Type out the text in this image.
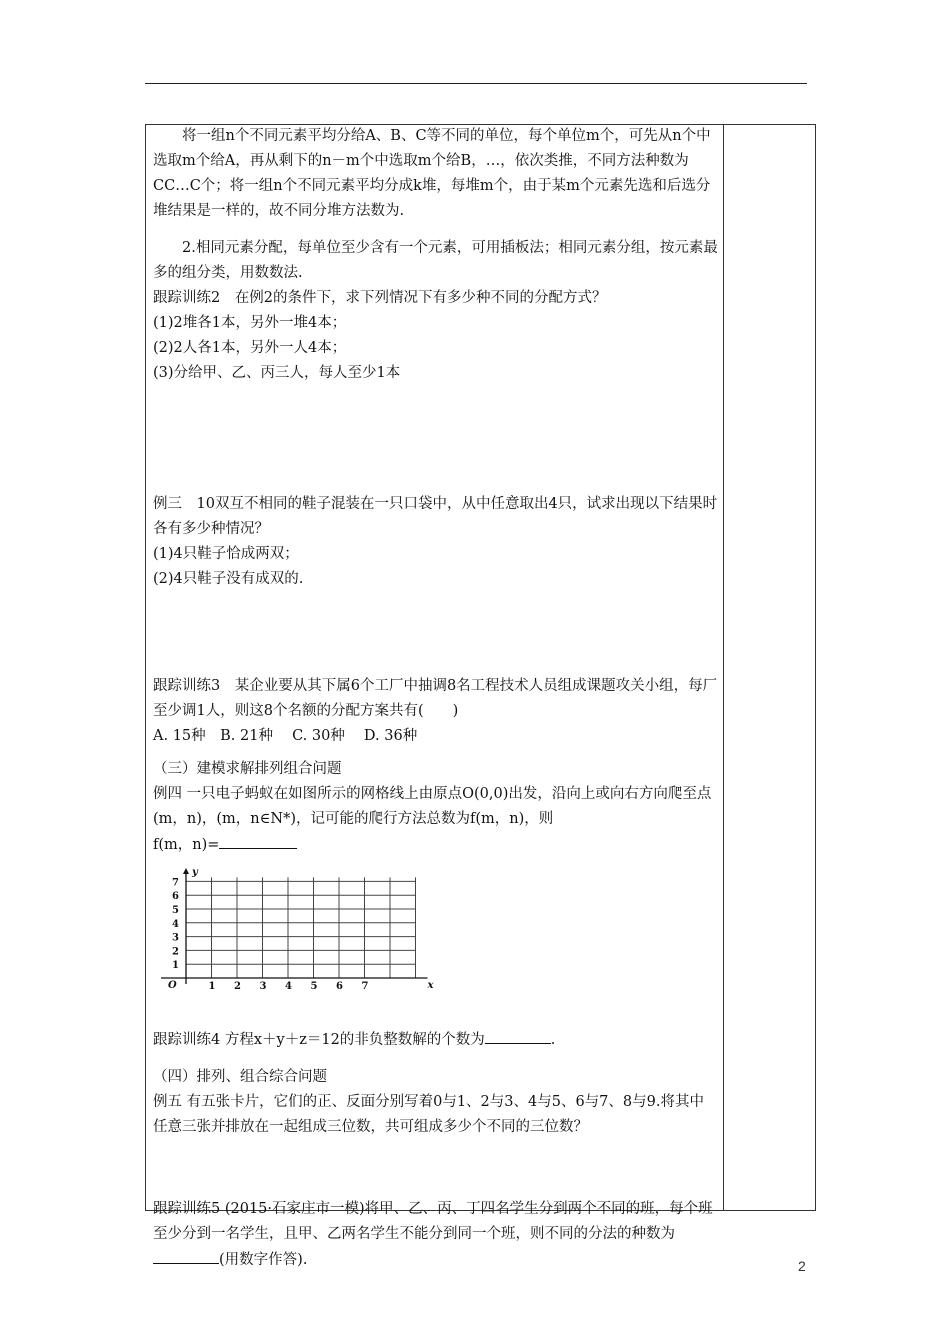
将一组n个不同元素平均分给A、B、C等不同的单位，每个单位m个，可先从n个中选取m个给A，再从剩下的n－m个中选取m个给B，…，依次类推，不同方法种数为CC…C个；将一组n个不同元素平均分成k堆，每堆m个，由于某m个元素先选和后选分堆结果是一样的，故不同分堆方法数为.

2.相同元素分配，每单位至少含有一个元素，可用插板法；相同元素分组，按元素最多的组分类，用数数法.

跟踪训练2　在例2的条件下，求下列情况下有多少种不同的分配方式？

(1)2堆各1本，另外一堆4本；

(2)2人各1本，另外一人4本；

(3)分给甲、乙、丙三人，每人至少1本

例三　10双互不相同的鞋子混装在一只口袋中，从中任意取出4只，试求出现以下结果时各有多少种情况？

(1)4只鞋子恰成两双；

(2)4只鞋子没有成双的.

跟踪训练3　某企业要从其下属6个工厂中抽调8名工程技术人员组成课题攻关小组，每厂至少调1人，则这8个名额的分配方案共有(　　)

A. 15种　B. 21种　 C. 30种　 D. 36种

（三）建模求解排列组合问题

例四 一只电子蚂蚁在如图所示的网格线上由原点O(0,0)出发，沿向上或向右方向爬至点(m，n)，(m，n∈N*)，记可能的爬行方法总数为f(m，n)，则

f(m，n)=

1 2 3 4 5 6 7
1
2
3
4
5
6
7
O	x
y

跟踪训练4 方程x＋y＋z＝12的非负整数解的个数为	.

（四）排列、组合综合问题

例五 有五张卡片，它们的正、反面分别写着0与1、2与3、4与5、6与7、8与9.将其中任意三张并排放在一起组成三位数，共可组成多少个不同的三位数？

跟踪训练5 (2015·石家庄市一模)将甲、乙、丙、丁四名学生分到两个不同的班，每个班至少分到一名学生，且甲、乙两名学生不能分到同一个班，则不同的分法的种数为(用数字作答).	2
